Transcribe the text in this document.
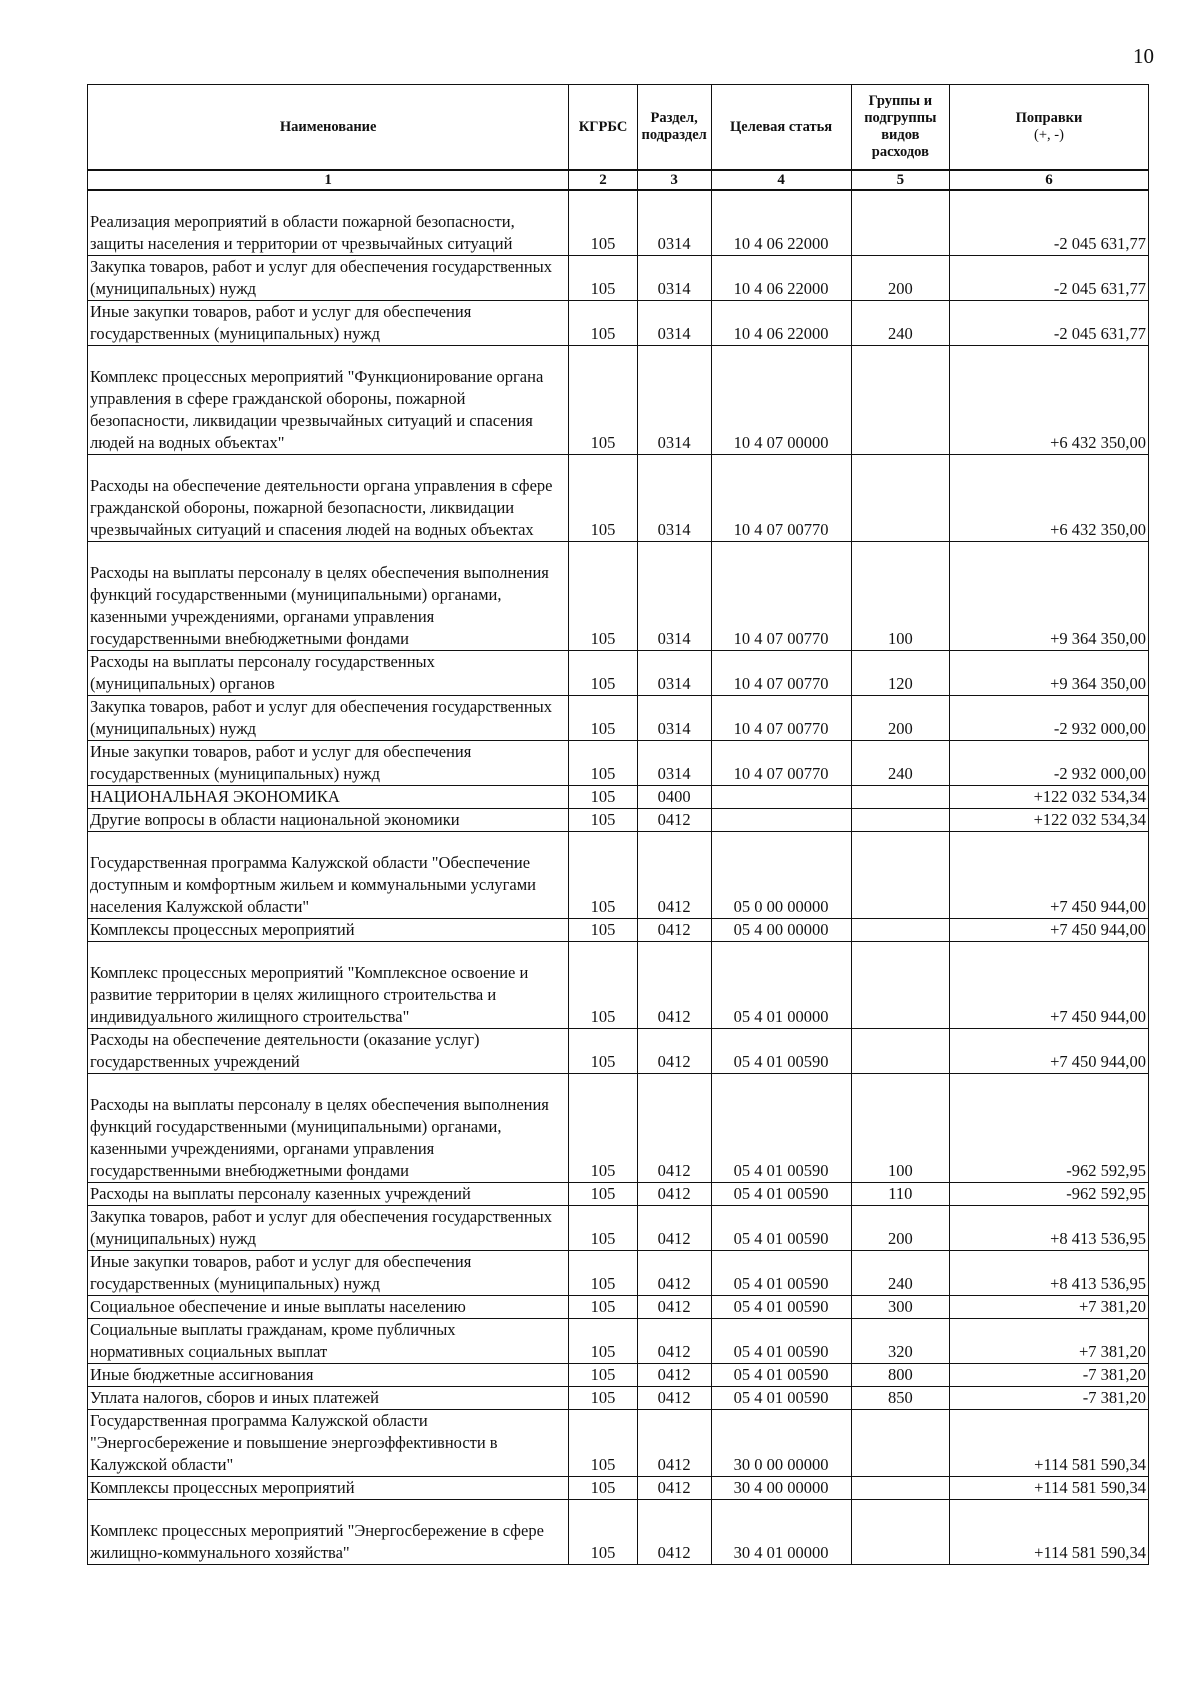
10
Наименование	КГРБС	Раздел, подраздел	Целевая статья	Группы и подгруппы видов расходов	Поправки
(+, -)
1	2	3	4	5	6

Реализация мероприятий в области пожарной безопасности,
защиты населения и территории от чрезвычайных ситуаций	105	0314	10 4 06 22000		-2 045 631,77

Закупка товаров, работ и услуг для обеспечения государственных
(муниципальных) нужд	105	0314	10 4 06 22000	200	-2 045 631,77

Иные закупки товаров, работ и услуг для обеспечения
государственных (муниципальных) нужд	105	0314	10 4 06 22000	240	-2 045 631,77

Комплекс процессных мероприятий "Функционирование органа
управления в сфере гражданской обороны, пожарной
безопасности, ликвидации чрезвычайных ситуаций и спасения
людей на водных объектах"	105	0314	10 4 07 00000		+6 432 350,00

Расходы на обеспечение деятельности органа управления в сфере
гражданской обороны, пожарной безопасности, ликвидации
чрезвычайных ситуаций и спасения людей на водных объектах	105	0314	10 4 07 00770		+6 432 350,00

Расходы на выплаты персоналу в целях обеспечения выполнения
функций государственными (муниципальными) органами,
казенными учреждениями, органами управления
государственными внебюджетными фондами	105	0314	10 4 07 00770	100	+9 364 350,00

Расходы на выплаты персоналу государственных
(муниципальных) органов	105	0314	10 4 07 00770	120	+9 364 350,00

Закупка товаров, работ и услуг для обеспечения государственных
(муниципальных) нужд	105	0314	10 4 07 00770	200	-2 932 000,00

Иные закупки товаров, работ и услуг для обеспечения
государственных (муниципальных) нужд	105	0314	10 4 07 00770	240	-2 932 000,00

НАЦИОНАЛЬНАЯ ЭКОНОМИКА	105	0400			+122 032 534,34

Другие вопросы в области национальной экономики	105	0412			+122 032 534,34

Государственная программа Калужской области "Обеспечение
доступным и комфортным жильем и коммунальными услугами
населения Калужской области"	105	0412	05 0 00 00000		+7 450 944,00

Комплексы процессных мероприятий	105	0412	05 4 00 00000		+7 450 944,00

Комплекс процессных мероприятий "Комплексное освоение и
развитие территории в целях жилищного строительства и
индивидуального жилищного строительства"	105	0412	05 4 01 00000		+7 450 944,00

Расходы на обеспечение деятельности (оказание услуг)
государственных учреждений	105	0412	05 4 01 00590		+7 450 944,00

Расходы на выплаты персоналу в целях обеспечения выполнения
функций государственными (муниципальными) органами,
казенными учреждениями, органами управления
государственными внебюджетными фондами	105	0412	05 4 01 00590	100	-962 592,95

Расходы на выплаты персоналу казенных учреждений	105	0412	05 4 01 00590	110	-962 592,95

Закупка товаров, работ и услуг для обеспечения государственных
(муниципальных) нужд	105	0412	05 4 01 00590	200	+8 413 536,95

Иные закупки товаров, работ и услуг для обеспечения
государственных (муниципальных) нужд	105	0412	05 4 01 00590	240	+8 413 536,95

Социальное обеспечение и иные выплаты населению	105	0412	05 4 01 00590	300	+7 381,20

Социальные выплаты гражданам, кроме публичных
нормативных социальных выплат	105	0412	05 4 01 00590	320	+7 381,20

Иные бюджетные ассигнования	105	0412	05 4 01 00590	800	-7 381,20

Уплата налогов, сборов и иных платежей	105	0412	05 4 01 00590	850	-7 381,20

Государственная программа Калужской области
"Энергосбережение и повышение энергоэффективности в
Калужской области"	105	0412	30 0 00 00000		+114 581 590,34

Комплексы процессных мероприятий	105	0412	30 4 00 00000		+114 581 590,34

Комплекс процессных мероприятий "Энергосбережение в сфере
жилищно-коммунального хозяйства"	105	0412	30 4 01 00000		+114 581 590,34
